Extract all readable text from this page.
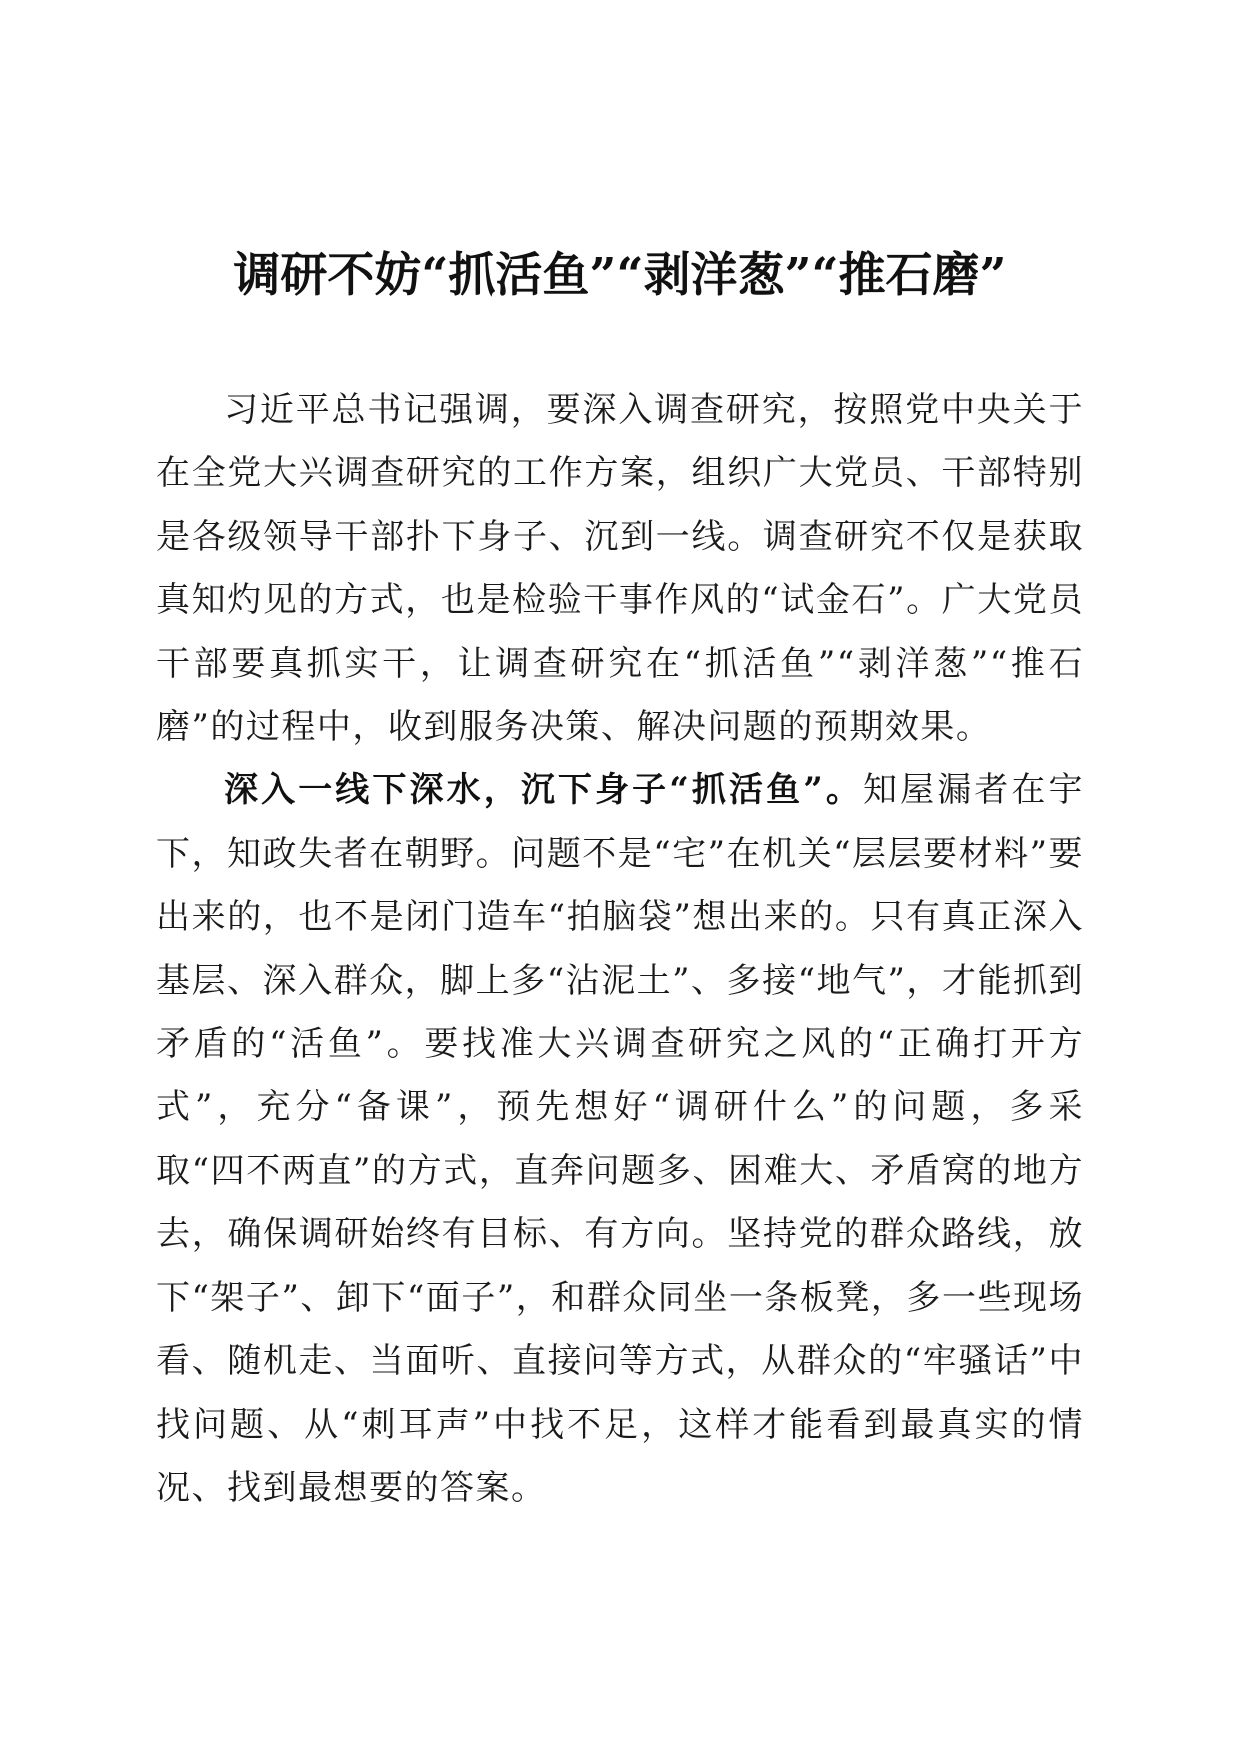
调研不妨“抓活鱼”“剥洋葱”“推石磨”

习近平总书记强调，要深入调查研究，按照党中央关于在全党大兴调查研究的工作方案，组织广大党员、干部特别是各级领导干部扑下身子、沉到一线。调查研究不仅是获取真知灼见的方式，也是检验干事作风的“试金石”。广大党员干部要真抓实干，让调查研究在“抓活鱼”“剥洋葱”“推石磨”的过程中，收到服务决策、解决问题的预期效果。

深入一线下深水，沉下身子“抓活鱼”。知屋漏者在宇下，知政失者在朝野。问题不是“宅”在机关“层层要材料”要出来的，也不是闭门造车“拍脑袋”想出来的。只有真正深入基层、深入群众，脚上多“沾泥土”、多接“地气”，才能抓到矛盾的“活鱼”。要找准大兴调查研究之风的“正确打开方式”，充分“备课”，预先想好“调研什么”的问题，多采取“四不两直”的方式，直奔问题多、困难大、矛盾窝的地方去，确保调研始终有目标、有方向。坚持党的群众路线，放下“架子”、卸下“面子”，和群众同坐一条板凳，多一些现场看、随机走、当面听、直接问等方式，从群众的“牢骚话”中找问题、从“刺耳声”中找不足，这样才能看到最真实的情况、找到最想要的答案。
